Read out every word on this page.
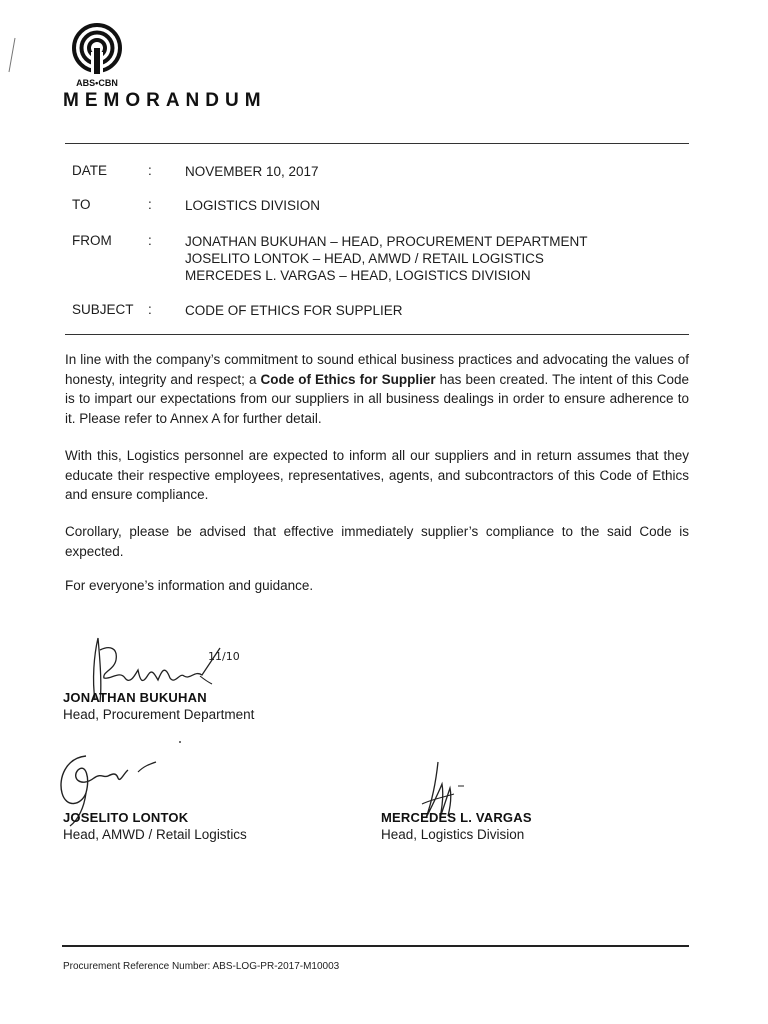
ABS•CBN
MEMORANDUM
DATE	: NOVEMBER 10, 2017
TO	: LOGISTICS DIVISION
FROM	: JONATHAN BUKUHAN – HEAD, PROCUREMENT DEPARTMENT
JOSELITO LONTOK – HEAD, AMWD / RETAIL LOGISTICS
MERCEDES L. VARGAS – HEAD, LOGISTICS DIVISION
SUBJECT	: CODE OF ETHICS FOR SUPPLIER
In line with the company’s commitment to sound ethical business practices and advocating the values of honesty, integrity and respect; a Code of Ethics for Supplier has been created. The intent of this Code is to impart our expectations from our suppliers in all business dealings in order to ensure adherence to it. Please refer to Annex A for further detail.
With this, Logistics personnel are expected to inform all our suppliers and in return assumes that they educate their respective employees, representatives, agents, and subcontractors of this Code of Ethics and ensure compliance.
Corollary, please be advised that effective immediately supplier’s compliance to the said Code is expected.
For everyone’s information and guidance.
11/10
JONATHAN BUKUHAN
Head, Procurement Department
JOSELITO LONTOK
Head, AMWD / Retail Logistics
MERCEDES L. VARGAS
Head, Logistics Division
Procurement Reference Number: ABS-LOG-PR-2017-M10003
